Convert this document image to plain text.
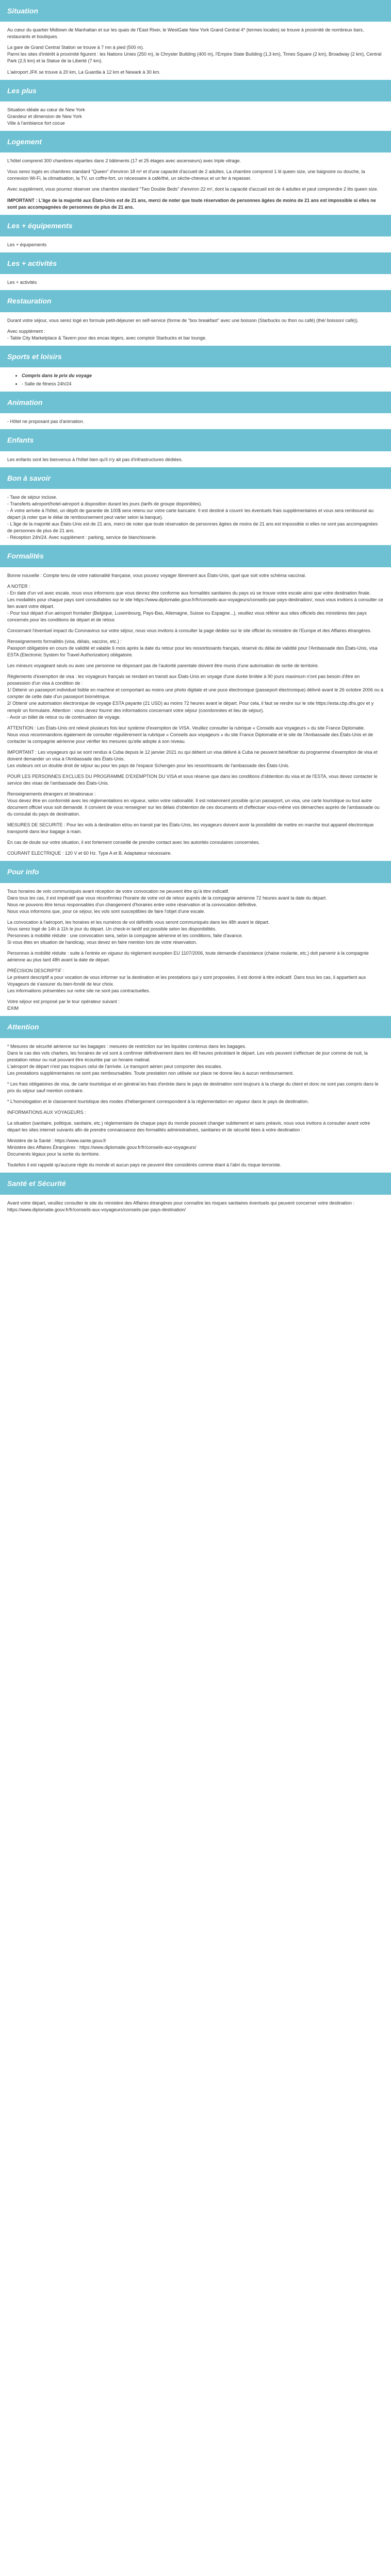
Situation

Au cœur du quartier Midtown de Manhattan et sur les quais de l'East River, le WestGate New York Grand Central 4* (termes locales) se trouve à proximité de nombreux bars, restaurants et boutiques.

La gare de Grand Central Station se trouve à 7 mn à pied (500 m).
Parmi les sites d'intérêt à proximité figurent : les Nations Unies (250 m), le Chrysler Building (400 m), l'Empire State Building (1,3 km), Times Square (2 km), Broadway (2 km), Central Park (2,5 km) et la Statue de la Liberté (7 km).

L'aéroport JFK se trouve à 20 km, La Guardia à 12 km et Newark à 30 km.

Les plus

Situation idéale au cœur de New York
Grandeur et dimension de New York
Ville à l'ambiance fort cocue

Logement

L'hôtel comprend 300 chambres réparties dans 2 bâtiments (17 et 25 étages avec ascenseurs) avec triple vitrage.

Vous serez logés en chambres standard "Queen" d'environ 18 m² et d'une capacité d'accueil de 2 adultes. La chambre comprend 1 lit queen size, une baignoire ou douche, la connexion Wi-Fi, la climatisation, la TV, un coffre-fort, un nécessaire à café/thé, un sèche-cheveux et un fer à repasser.

Avec supplément, vous pourrez réserver une chambre standard "Two Double Beds" d'environ 22 m², dont la capacité d'accueil est de 4 adultes et peut comprendre 2 lits queen size.

IMPORTANT : L'âge de la majorité aux États-Unis est de 21 ans, merci de noter que toute réservation de personnes âgées de moins de 21 ans est impossible si elles ne sont pas accompagnées de personnes de plus de 21 ans.

Les + équipements

Les + équipements

Les + activités

Les + activités

Restauration

Durant votre séjour, vous serez logé en formule petit-déjeuner en self-service (forme de "box breakfast" avec une boisson (Starbucks ou thon ou café) (thé/ boisson/ café)).

Avec supplément :
- Table City Marketplace & Tavern pour des encas légers, avec comptoir Starbucks et bar lounge.

Sports et loisirs
• Compris dans le prix du voyage
• - Salle de fitness 24h/24
Animation

- Hôtel ne proposant pas d'animation.

Enfants

Les enfants sont les bienvenus à l'hôtel bien qu'il n'y ait pas d'infrastructures dédiées.

Bon à savoir

- Taxe de séjour incluse.
- Transferts aéroport/hotel-aéroport à disposition durant les jours (tarifs de groupe disponibles).
- À votre arrivée à l'hôtel, un dépôt de garantie de 100$ sera retenu sur votre carte bancaire. Il est destiné à couvrir les éventuels frais supplémentaires et vous sera remboursé au départ (à noter que le délai de remboursement peut varier selon la banque).
- L'âge de la majorité aux États-Unis est de 21 ans, merci de noter que toute réservation de personnes âgées de moins de 21 ans est impossible si elles ne sont pas accompagnées de personnes de plus de 21 ans.
- Réception 24h/24. Avec supplément : parking, service de blanchisserie.

Formalités

Bonne nouvelle : Compte tenu de votre nationalité française, vous pouvez voyager librement aux États-Unis, quel que soit votre schéma vaccinal.

A NOTER :
- En date d'un vol avec escale, nous vous informons que vous devrez être conforme aux formalités sanitaires du pays où se trouve votre escale ainsi que votre destination finale.
Les modalités pour chaque pays sont consultables sur le site https://www.diplomatie.gouv.fr/fr/conseils-aux-voyageurs/conseils-par-pays-destination/, nous vous invitons à consulter ce lien avant votre départ.
- Pour tout départ d'un aéroport frontalier (Belgique, Luxembourg, Pays-Bas, Allemagne, Suisse ou Espagne...), veuillez vous référer aux sites officiels des ministères des pays concernés pour les conditions de départ et de retour.

Concernant l'éventuel impact du Coronavirus sur votre séjour, nous vous invitons à consulter la page dédiée sur le site officiel du ministère de l'Europe et des Affaires étrangères.

Renseignements formalités (visa, délais, vaccins, etc.) :
Passport obligatoire en cours de validité et valable 6 mois après la date du retour pour les ressortissants français, réservé du délai de validité pour l'Ambassade des États-Unis, visa ESTA (Electronic System for Travel Authorization) obligatoire.

Les mineurs voyageant seuls ou avec une personne ne disposant pas de l'autorité parentale doivent être munis d'une autorisation de sortie de territoire.

Règlements d'exemption de visa : les voyageurs français se rendant en transit aux États-Unis en voyage d'une durée limitée à 90 jours maximum n'ont pas besoin d'être en possession d'un visa à condition de :
1/ Détenir un passeport individuel lisible en machine et comportant au moins une photo digitale et une puce électronique (passeport électronique) délivré avant le 26 octobre 2006 ou à compter de cette date d'un passeport biométrique.
2/ Obtenir une autorisation électronique de voyage ESTA payante (21 USD) au moins 72 heures avant le départ. Pour cela, il faut se rendre sur le site https://esta.cbp.dhs.gov et y remplir un formulaire. Attention : vous devez fournir des informations concernant votre séjour (coordonnées et lieu de séjour).
- Avoir un billet de retour ou de continuation de voyage.

ATTENTION : Les États-Unis ont relevé plusieurs fois leur système d'exemption de VISA. Veuillez consulter la rubrique « Conseils aux voyageurs » du site France Diplomatie.
Nous vous recommandons également de consulter régulièrement la rubrique « Conseils aux voyageurs » du site France Diplomatie et le site de l'Ambassade des États-Unis et de contacter la compagnie aérienne pour vérifier les mesures qu'elle adopte à son niveau.

IMPORTANT : Les voyageurs qui se sont rendus à Cuba depuis le 12 janvier 2021 ou qui détient un visa délivré à Cuba ne peuvent bénéficier du programme d'exemption de visa et doivent demander un visa à l'Ambassade des États-Unis.
Les visiteurs ont un double droit de séjour au pour les pays de l'espace Schengen pour les ressortissants de l'ambassade des États-Unis.

POUR LES PERSONNES EXCLUES DU PROGRAMME D'EXEMPTION DU VISA et sous réserve que dans les conditions d'obtention du visa et de l'ESTA, vous devez contacter le service des visas de l'ambassade des États-Unis.

Renseignements étrangers et binationaux :
Vous devez être en conformité avec les réglementations en vigueur, selon votre nationalité. Il est notamment possible qu'un passeport, un visa, une carte touristique ou tout autre document officiel vous soit demandé. Il convient de vous renseigner sur les délais d'obtention de ces documents et d'effectuer vous-même vos démarches auprès de l'ambassade ou du consulat du pays de destination.

MESURES DE SECURITE : Pour les vols à destination et/ou en transit par les États-Unis, les voyageurs doivent avoir la possibilité de mettre en marche tout appareil électronique transporté dans leur bagage à main.

En cas de doute sur votre situation, il est fortement conseillé de prendre contact avec les autorités consulaires concernées.

COURANT ELECTRIQUE : 120 V et 60 Hz. Type A et B. Adaptateur nécessaire.

Pour info

Tous horaires de vols communiqués avant réception de votre convocation ne peuvent être qu'à titre indicatif.
Dans tous les cas, il est impératif que vous réconfirmiez l'horaire de votre vol de retour auprès de la compagnie aérienne 72 heures avant la date du départ.
Nous ne pouvons être tenus responsables d'un changement d'horaires entre votre réservation et la convocation définitive.
Nous vous informons que, pour ce séjour, les vols sont susceptibles de faire l'objet d'une escale.

La convocation à l'aéroport, les horaires et les numéros de vol définitifs vous seront communiqués dans les 48h avant le départ.
Vous serez logé de 14h à 11h le jour du départ. Un check-in tardif est possible selon les disponibilités.
Personnes à mobilité réduite : une convocation sera, selon la compagnie aérienne et les conditions, faite d'avance.
Si vous êtes en situation de handicap, vous devez en faire mention lors de votre réservation.

Personnes à mobilité réduite : suite à l'entrée en vigueur du règlement européen EU 1107/2006, toute demande d'assistance (chaise roulante, etc.) doit parvenir à la compagnie aérienne au plus tard 48h avant la date de départ.

PRÉCISION DESCRIPTIF :
Le présent descriptif a pour vocation de vous informer sur la destination et les prestations qui y sont proposées. Il est donné à titre indicatif. Dans tous les cas, il appartient aux Voyageurs de s'assurer du bien-fondé de leur choix.
Les informations présentées sur notre site ne sont pas contractuelles.

Votre séjour est proposé par le tour opérateur suivant :
EXIM

Attention

* Mesures de sécurité aérienne sur les bagages : mesures de restriction sur les liquides contenus dans les bagages.
Dans le cas des vols charters, les horaires de vol sont à confirmer définitivement dans les 48 heures précédant le départ. Les vols peuvent s'effectuer de jour comme de nuit, la prestation retour ou nuit pouvant être écourtée par un horaire matinal.
L'aéroport de départ n'est pas toujours celui de l'arrivée. Le transport aérien peut comporter des escales.
Les prestations supplémentaires ne sont pas remboursables. Toute prestation non utilisée sur place ne donne lieu à aucun remboursement.

* Les frais obligatoires de visa, de carte touristique et en général les frais d'entrée dans le pays de destination sont toujours à la charge du client et donc ne sont pas compris dans le prix du séjour sauf mention contraire.

* L'homologation et le classement touristique des modes d'hébergement correspondent à la réglementation en vigueur dans le pays de destination.

INFORMATIONS AUX VOYAGEURS :

La situation (sanitaire, politique, sanitaire, etc.) réglementaire de chaque pays du monde pouvant changer subitement et sans préavis, nous vous invitons à consulter avant votre départ les sites internet suivants afin de prendre connaissance des formalités administratives, sanitaires et de sécurité liées à votre destination :

Ministère de la Santé : https://www.sante.gouv.fr
Ministère des Affaires Étrangères : https://www.diplomatie.gouv.fr/fr/conseils-aux-voyageurs/
Documents légaux pour la sortie du territoire.

Toutefois il est rappelé qu'aucune règle du monde et aucun pays ne peuvent être considérés comme étant à l'abri du risque terroriste.

Santé et Sécurité

Avant votre départ, veuillez consulter le site du ministère des Affaires étrangères pour connaître les risques sanitaires éventuels qui peuvent concerner votre destination : https://www.diplomatie.gouv.fr/fr/conseils-aux-voyageurs/conseils-par-pays-destination/
